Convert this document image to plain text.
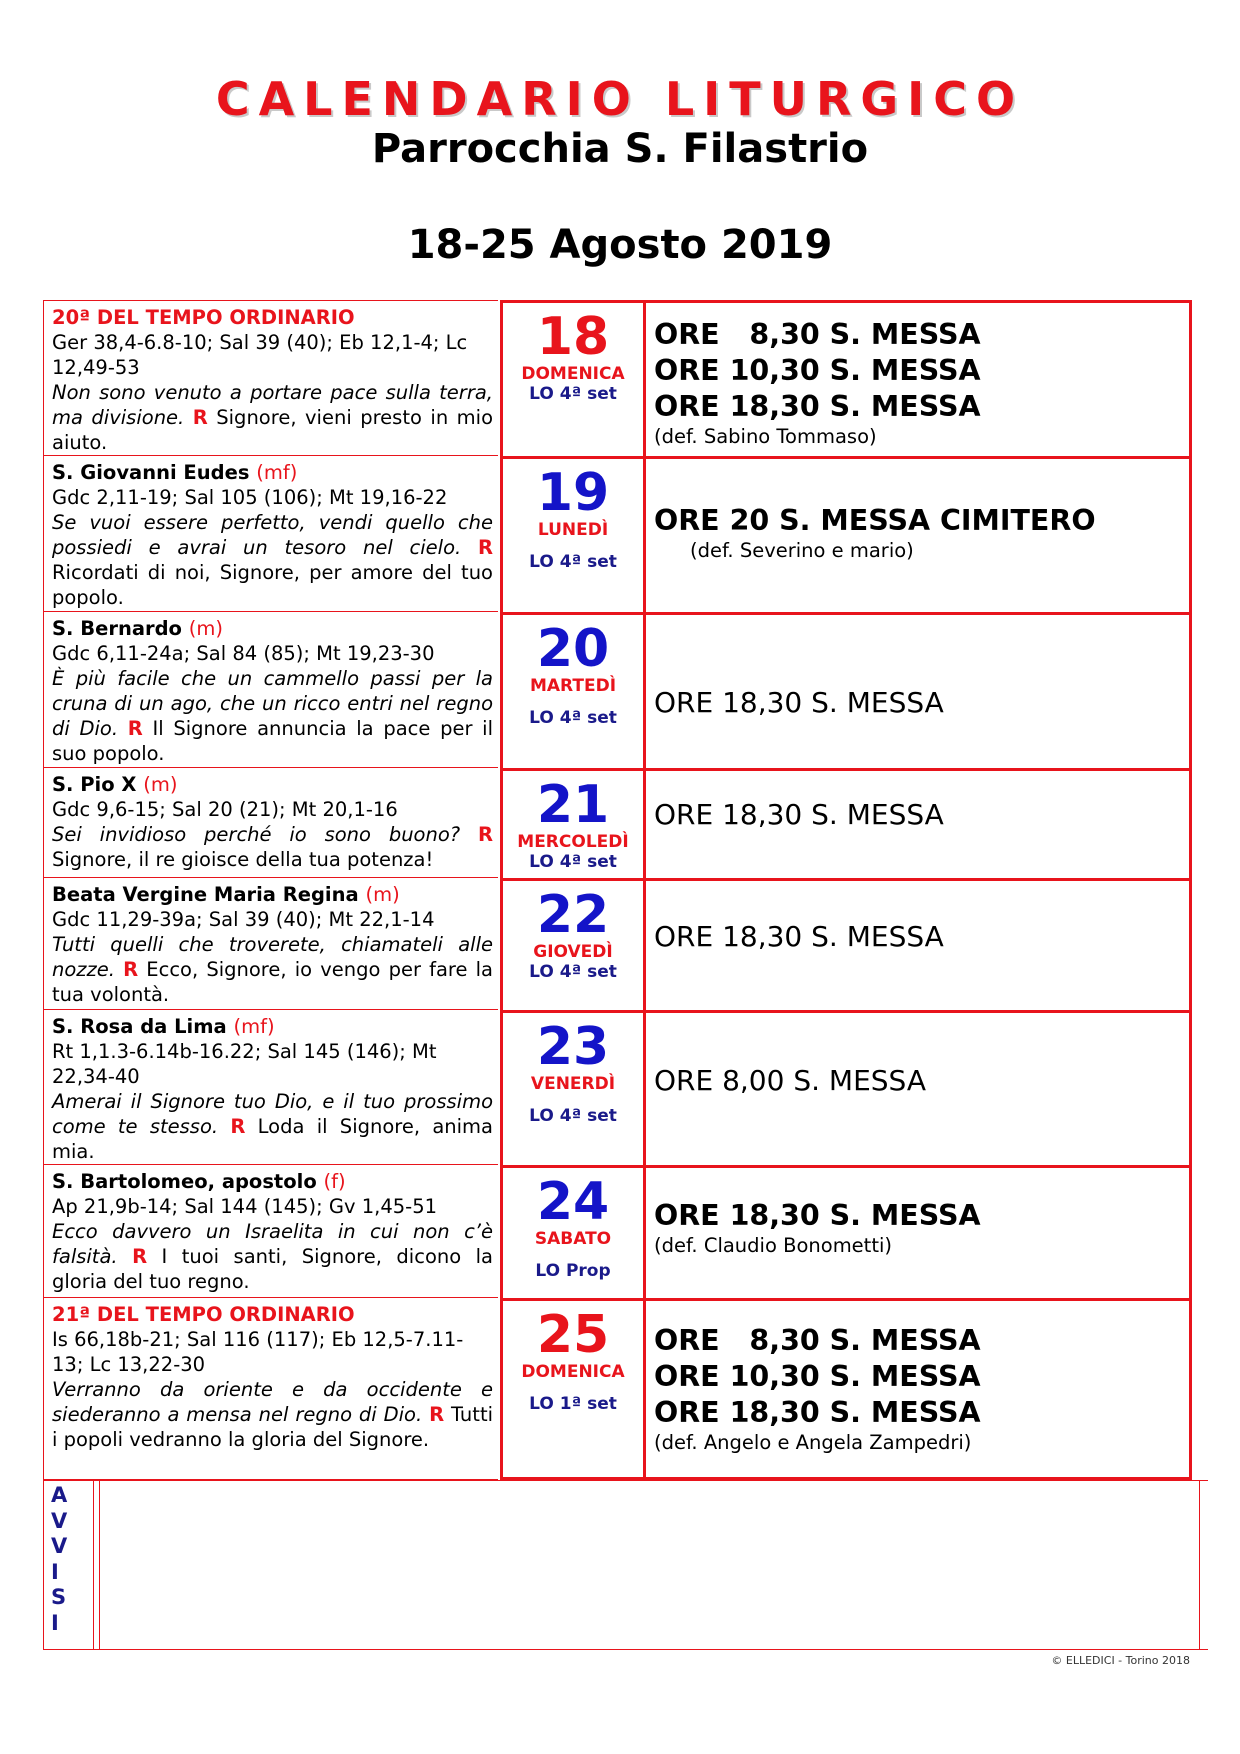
CALENDARIO LITURGICO
Parrocchia S. Filastrio
18-25 Agosto 2019
20ª DEL TEMPO ORDINARIO
Ger 38,4-6.8-10; Sal 39 (40); Eb 12,1-4; Lc 12,49-53
Non sono venuto a portare pace sulla terra, ma divisione. R Signore, vieni presto in mio aiuto.
18
DOMENICA
LO 4ª set
ORE   8,30 S. MESSA
ORE 10,30 S. MESSA
ORE 18,30 S. MESSA
(def. Sabino Tommaso)
S. Giovanni Eudes (mf)
Gdc 2,11-19; Sal 105 (106); Mt 19,16-22
Se vuoi essere perfetto, vendi quello che possiedi e avrai un tesoro nel cielo. R Ricordati di noi, Signore, per amore del tuo popolo.
19
LUNEDÌ
LO 4ª set
ORE 20 S. MESSA CIMITERO
(def. Severino e mario)
S. Bernardo (m)
Gdc 6,11-24a; Sal 84 (85); Mt 19,23-30
È più facile che un cammello passi per la cruna di un ago, che un ricco entri nel regno di Dio. R Il Signore annuncia la pace per il suo popolo.
20
MARTEDÌ
LO 4ª set	ORE 18,30 S. MESSA
S. Pio X (m)
Gdc 9,6-15; Sal 20 (21); Mt 20,1-16
Sei invidioso perché io sono buono? R Signore, il re gioisce della tua potenza!
21
MERCOLEDÌ
LO 4ª set
ORE 18,30 S. MESSA
Beata Vergine Maria Regina (m)
Gdc 11,29-39a; Sal 39 (40); Mt 22,1-14
Tutti quelli che troverete, chiamateli alle nozze. R Ecco, Signore, io vengo per fare la tua volontà.
22
GIOVEDÌ
LO 4ª set
ORE 18,30 S. MESSA
S. Rosa da Lima (mf)
Rt 1,1.3-6.14b-16.22; Sal 145 (146); Mt 22,34-40
Amerai il Signore tuo Dio, e il tuo prossimo come te stesso. R Loda il Signore, anima mia.
23
VENERDÌ
LO 4ª set
ORE 8,00 S. MESSA
S. Bartolomeo, apostolo (f)
Ap 21,9b-14; Sal 144 (145); Gv 1,45-51
Ecco davvero un Israelita in cui non c’è falsità. R I tuoi santi, Signore, dicono la gloria del tuo regno.
24
SABATO
LO Prop
ORE 18,30 S. MESSA
(def. Claudio Bonometti)
21ª DEL TEMPO ORDINARIO
Is 66,18b-21; Sal 116 (117); Eb 12,5-7.11-13; Lc 13,22-30
Verranno da oriente e da occidente e siederanno a mensa nel regno di Dio. R Tutti i popoli vedranno la gloria del Signore.
25
DOMENICA
LO 1ª set
ORE   8,30 S. MESSA
ORE 10,30 S. MESSA
ORE 18,30 S. MESSA
(def. Angelo e Angela Zampedri)
A
V
V
I
S
I
© ELLEDICI - Torino 2018
